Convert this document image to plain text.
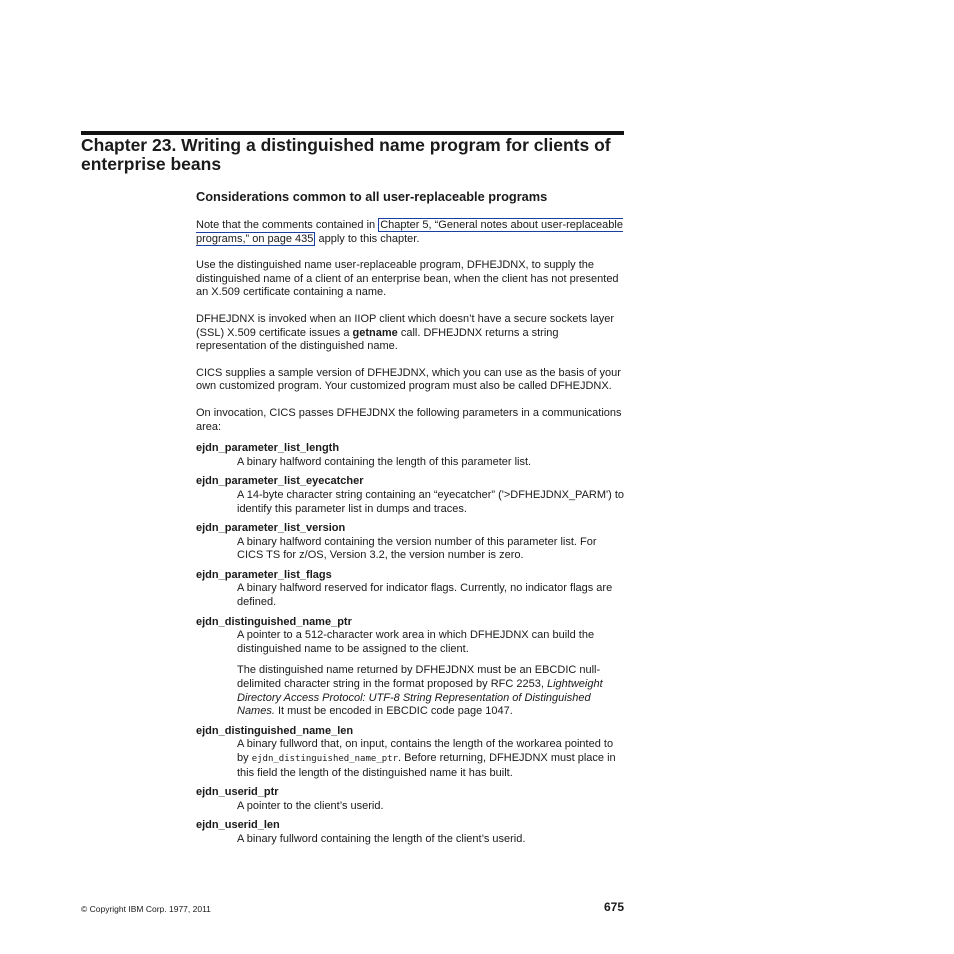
Chapter 23. Writing a distinguished name program for clients of enterprise beans
Considerations common to all user-replaceable programs

Note that the comments contained in Chapter 5, “General notes about user-replaceable programs,” on page 435 apply to this chapter.

Use the distinguished name user-replaceable program, DFHEJDNX, to supply the distinguished name of a client of an enterprise bean, when the client has not presented an X.509 certificate containing a name.

DFHEJDNX is invoked when an IIOP client which doesn’t have a secure sockets layer (SSL) X.509 certificate issues a getname call. DFHEJDNX returns a string representation of the distinguished name.

CICS supplies a sample version of DFHEJDNX, which you can use as the basis of your own customized program. Your customized program must also be called DFHEJDNX.

On invocation, CICS passes DFHEJDNX the following parameters in a communications area:

ejdn_parameter_list_length

A binary halfword containing the length of this parameter list.

ejdn_parameter_list_eyecatcher

A 14-byte character string containing an “eyecatcher” ('>DFHEJDNX_PARM') to identify this parameter list in dumps and traces.

ejdn_parameter_list_version

A binary halfword containing the version number of this parameter list. For CICS TS for z/OS, Version 3.2, the version number is zero.

ejdn_parameter_list_flags

A binary halfword reserved for indicator flags. Currently, no indicator flags are defined.

ejdn_distinguished_name_ptr

A pointer to a 512-character work area in which DFHEJDNX can build the distinguished name to be assigned to the client.

The distinguished name returned by DFHEJDNX must be an EBCDIC null-delimited character string in the format proposed by RFC 2253, Lightweight Directory Access Protocol: UTF-8 String Representation of Distinguished Names. It must be encoded in EBCDIC code page 1047.

ejdn_distinguished_name_len

A binary fullword that, on input, contains the length of the workarea pointed to by ejdn_distinguished_name_ptr. Before returning, DFHEJDNX must place in this field the length of the distinguished name it has built.

ejdn_userid_ptr

A pointer to the client’s userid.

ejdn_userid_len

A binary fullword containing the length of the client’s userid.

© Copyright IBM Corp. 1977, 2011	675
